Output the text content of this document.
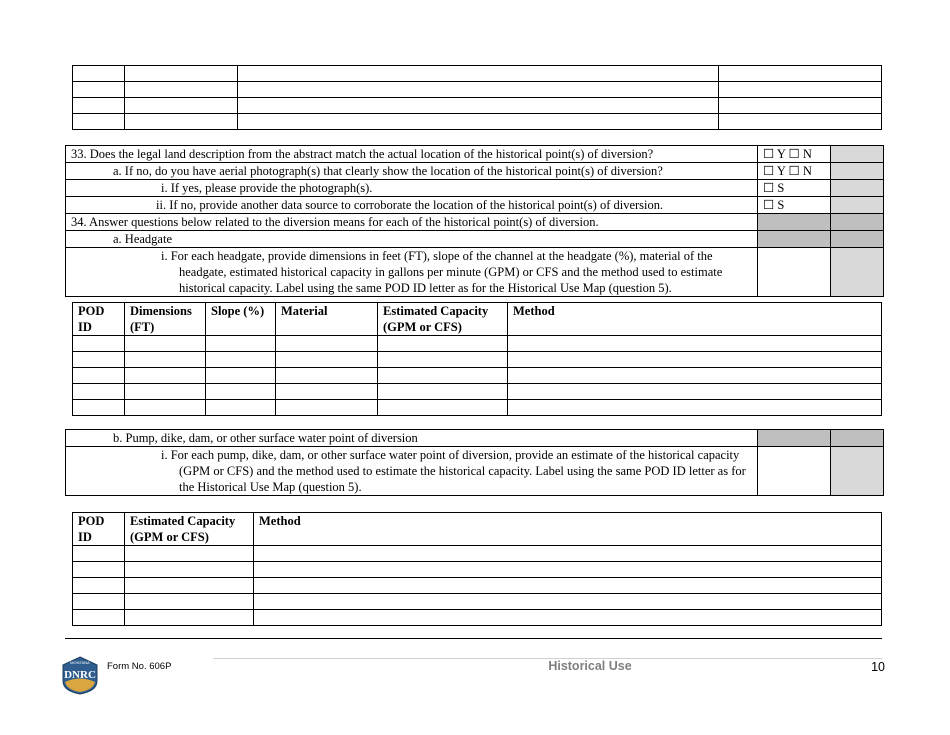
33. Does the legal land description from the abstract match the actual location of the historical point(s) of diversion?	☐ Y ☐ N	
a. If no, do you have aerial photograph(s) that clearly show the location of the historical point(s) of diversion?	☐ Y ☐ N	
i. If yes, please provide the photograph(s).	☐ S	
ii. If no, provide another data source to corroborate the location of the historical point(s) of diversion.	☐ S	
34. Answer questions below related to the diversion means for each of the historical point(s) of diversion.		
a. Headgate		
i. For each headgate, provide dimensions in feet (FT), slope of the channel at the headgate (%), material of the headgate, estimated historical capacity in gallons per minute (GPM) or CFS and the method used to estimate historical capacity. Label using the same POD ID letter as for the Historical Use Map (question 5).		
POD ID	Dimensions (FT)	Slope (%)	Material	Estimated Capacity (GPM or CFS)	Method

b. Pump, dike, dam, or other surface water point of diversion		
i. For each pump, dike, dam, or other surface water point of diversion, provide an estimate of the historical capacity (GPM or CFS) and the method used to estimate the historical capacity. Label using the same POD ID letter as for the Historical Use Map (question 5).		
POD ID	Estimated Capacity (GPM or CFS)	Method

MONTANA
DNRC
Form No. 606P	Historical Use	10
